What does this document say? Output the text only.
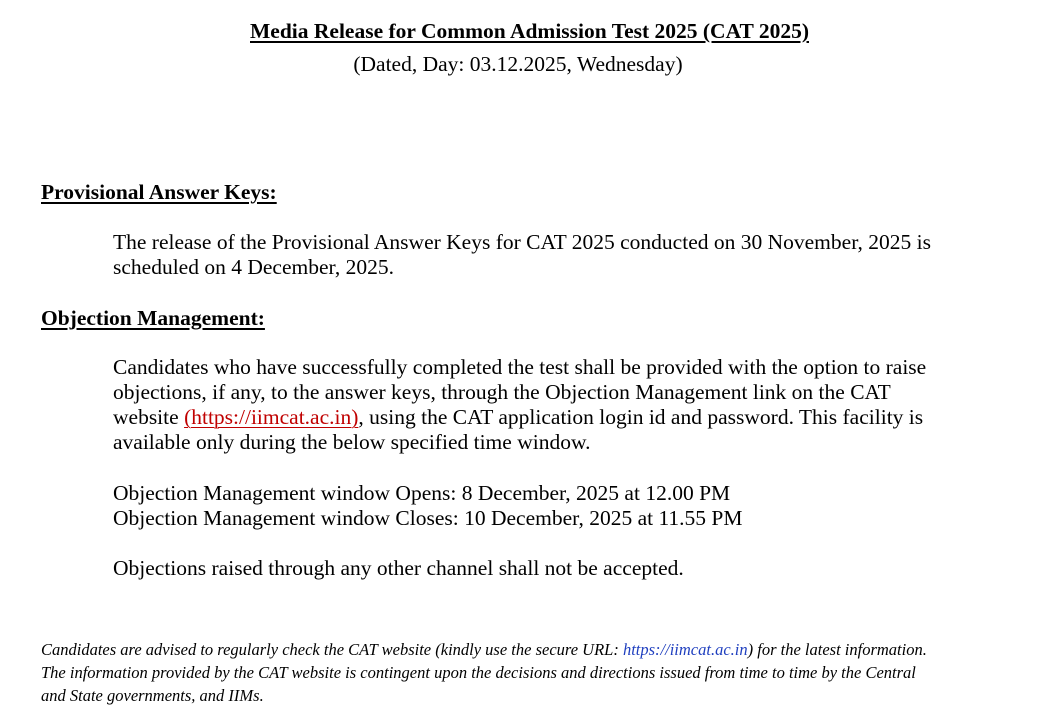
Media Release for Common Admission Test 2025 (CAT 2025)
(Dated, Day: 03.12.2025, Wednesday)
Provisional Answer Keys:
The release of the Provisional Answer Keys for CAT 2025 conducted on 30 November, 2025 is
scheduled on 4 December, 2025.
Objection Management:
Candidates who have successfully completed the test shall be provided with the option to raise
objections, if any, to the answer keys, through the Objection Management link on the CAT
website (https://iimcat.ac.in), using the CAT application login id and password. This facility is
available only during the below specified time window.
Objection Management window Opens: 8 December, 2025 at 12.00 PM
Objection Management window Closes: 10 December, 2025 at 11.55 PM
Objections raised through any other channel shall not be accepted.
Candidates are advised to regularly check the CAT website (kindly use the secure URL: https://iimcat.ac.in) for the latest information.
The information provided by the CAT website is contingent upon the decisions and directions issued from time to time by the Central
and State governments, and IIMs.
